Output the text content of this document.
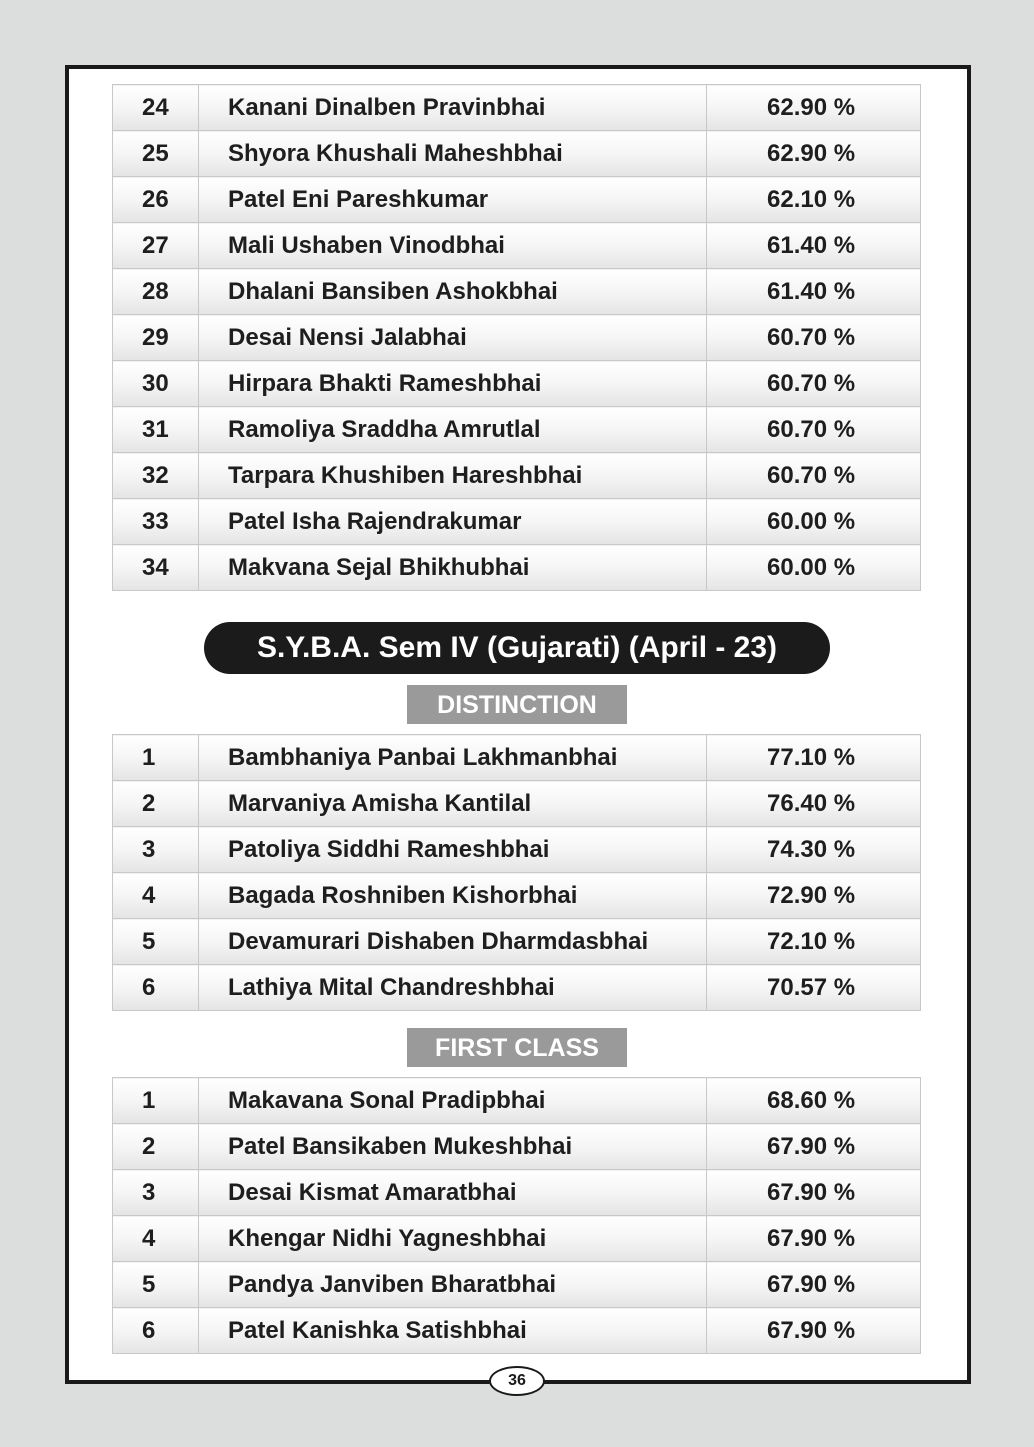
24	Kanani Dinalben Pravinbhai	62.90 %
25	Shyora Khushali Maheshbhai	62.90 %
26	Patel Eni Pareshkumar	62.10 %
27	Mali Ushaben Vinodbhai	61.40 %
28	Dhalani Bansiben Ashokbhai	61.40 %
29	Desai Nensi Jalabhai	60.70 %
30	Hirpara Bhakti Rameshbhai	60.70 %
31	Ramoliya Sraddha Amrutlal	60.70 %
32	Tarpara Khushiben Hareshbhai	60.70 %
33	Patel Isha Rajendrakumar	60.00 %
34	Makvana Sejal Bhikhubhai	60.00 %
S.Y.B.A. Sem IV (Gujarati) (April - 23)
DISTINCTION
1	Bambhaniya Panbai Lakhmanbhai	77.10 %
2	Marvaniya Amisha Kantilal	76.40 %
3	Patoliya Siddhi Rameshbhai	74.30 %
4	Bagada Roshniben Kishorbhai	72.90 %
5	Devamurari Dishaben Dharmdasbhai	72.10 %
6	Lathiya Mital Chandreshbhai	70.57 %
FIRST CLASS
1	Makavana Sonal Pradipbhai	68.60 %
2	Patel Bansikaben Mukeshbhai	67.90 %
3	Desai Kismat Amaratbhai	67.90 %
4	Khengar Nidhi Yagneshbhai	67.90 %
5	Pandya Janviben Bharatbhai	67.90 %
6	Patel Kanishka Satishbhai	67.90 %
36
